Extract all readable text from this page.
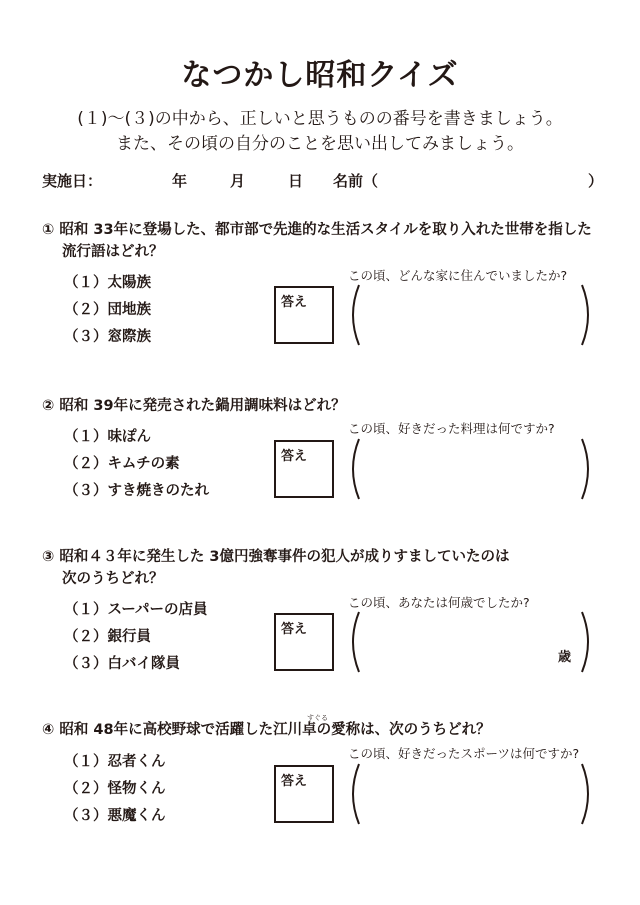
なつかし昭和クイズ
(１)〜(３)の中から、正しいと思うものの番号を書きましょう。
また、その頃の自分のことを思い出してみましょう。
実施日：	年	月	日 名前（	）
① 昭和 33年に登場した、都市部で先進的な生活スタイルを取り入れた世帯を指した
流行語はどれ？
（１）太陽族
（２）団地族
（３）窓際族
この頃、どんな家に住んでいましたか?
答え
② 昭和 39年に発売された鍋用調味料はどれ？
（１）味ぽん
（２）キムチの素
（３）すき焼きのたれ
この頃、好きだった料理は何ですか?
答え
③ 昭和４３年に発生した 3億円強奪事件の犯人が成りすましていたのは
次のうちどれ？
（１）スーパーの店員
（２）銀行員
（３）白バイ隊員
この頃、あなたは何歳でしたか?
答え
歳
すぐる
④ 昭和 48年に高校野球で活躍した江川卓の愛称は、次のうちどれ？
（１）忍者くん
（２）怪物くん
（３）悪魔くん
この頃、好きだったスポーツは何ですか?
答え
